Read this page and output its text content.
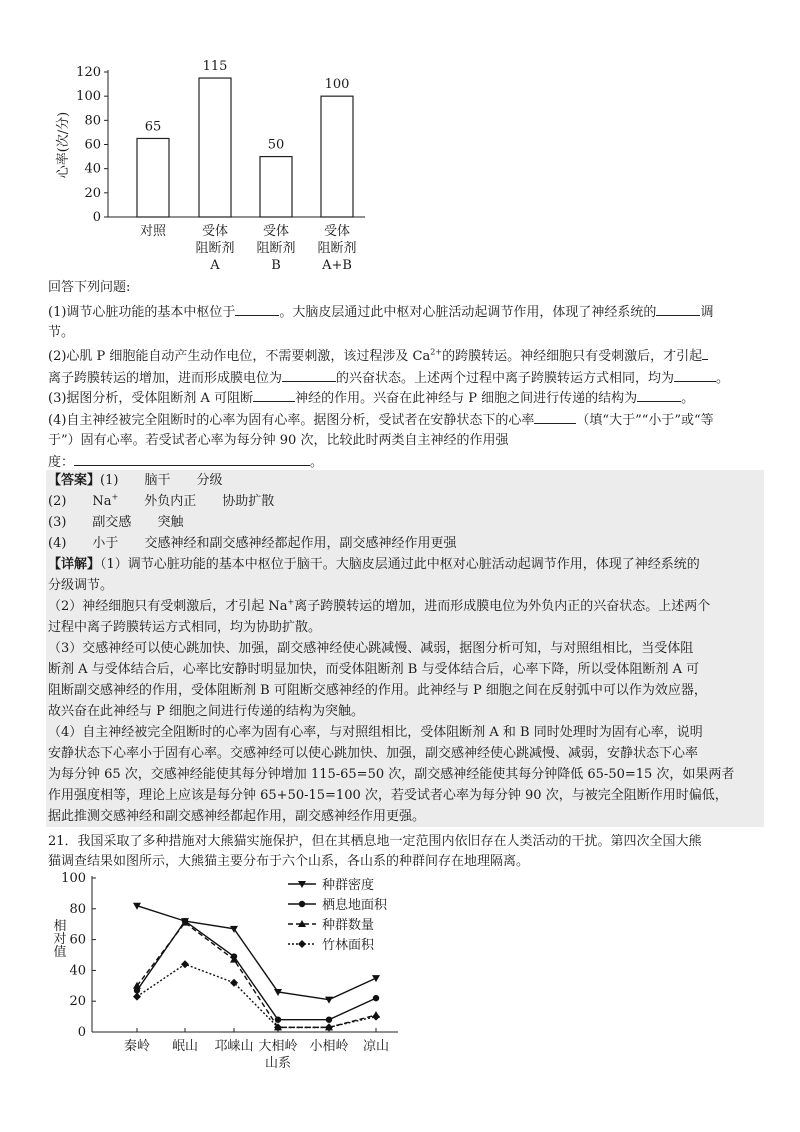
0
20
40
60
80
100
120
心率(次/分)	65
对照
115
受体
阻断剂
A
50
受体
阻断剂
B
100
受体
阻断剂
A+B

回答下列问题:

(1)调节心脏功能的基本中枢位于	。大脑皮层通过此中枢对心脏活动起调节作用，体现了神经系统的	调
节。

(2)心肌 P 细胞能自动产生动作电位，不需要刺激，该过程涉及 $Ca^{2+}$的跨膜转运。神经细胞只有受刺激后，才引起
离子跨膜转运的增加，进而形成膜电位为	的兴奋状态。上述两个过程中离子跨膜转运方式相同，均为	。

(3)据图分析，受体阻断剂 A 可阻断	神经的作用。兴奋在此神经与 P 细胞之间进行传递的结构为	。

(4)自主神经被完全阻断时的心率为固有心率。据图分析，受试者在安静状态下的心率	（填“大于”“小于”或“等
于”）固有心率。若受试者心率为每分钟 90 次，比较此时两类自主神经的作用强
度：	。

【答案】(1) 脑干 分级

(2) Na+ 外负内正 协助扩散

(3) 副交感 突触

(4) 小于 交感神经和副交感神经都起作用，副交感神经作用更强

【详解】（1）调节心脏功能的基本中枢位于脑干。大脑皮层通过此中枢对心脏活动起调节作用，体现了神经系统的

分级调节。

（2）神经细胞只有受刺激后，才引起 Na+离子跨膜转运的增加，进而形成膜电位为外负内正的兴奋状态。上述两个

过程中离子跨膜转运方式相同，均为协助扩散。

（3）交感神经可以使心跳加快、加强，副交感神经使心跳减慢、减弱，据图分析可知，与对照组相比，当受体阻

断剂 A 与受体结合后，心率比安静时明显加快，而受体阻断剂 B 与受体结合后，心率下降，所以受体阻断剂 A 可

阻断副交感神经的作用，受体阻断剂 B 可阻断交感神经的作用。此神经与 P 细胞之间在反射弧中可以作为效应器，

故兴奋在此神经与 P 细胞之间进行传递的结构为突触。

（4）自主神经被完全阻断时的心率为固有心率，与对照组相比，受体阻断剂 A 和 B 同时处理时为固有心率，说明

安静状态下心率小于固有心率。交感神经可以使心跳加快、加强，副交感神经使心跳减慢、减弱，安静状态下心率

为每分钟 65 次，交感神经能使其每分钟增加 115-65=50 次，副交感神经能使其每分钟降低 65-50=15 次，如果两者

作用强度相等，理论上应该是每分钟 65+50-15=100 次，若受试者心率为每分钟 90 次，与被完全阻断作用时偏低，

据此推测交感神经和副交感神经都起作用，副交感神经作用更强。

21．我国采取了多种措施对大熊猫实施保护，但在其栖息地一定范围内依旧存在人类活动的干扰。第四次全国大熊
猫调查结果如图所示，大熊猫主要分布于六个山系，各山系的种群间存在地理隔离。

0
20
40
60
80
100
相对值
秦岭 岷山 邛崃山 大相岭 小相岭 凉山
山系
种群密度
栖息地面积
种群数量
竹林面积
